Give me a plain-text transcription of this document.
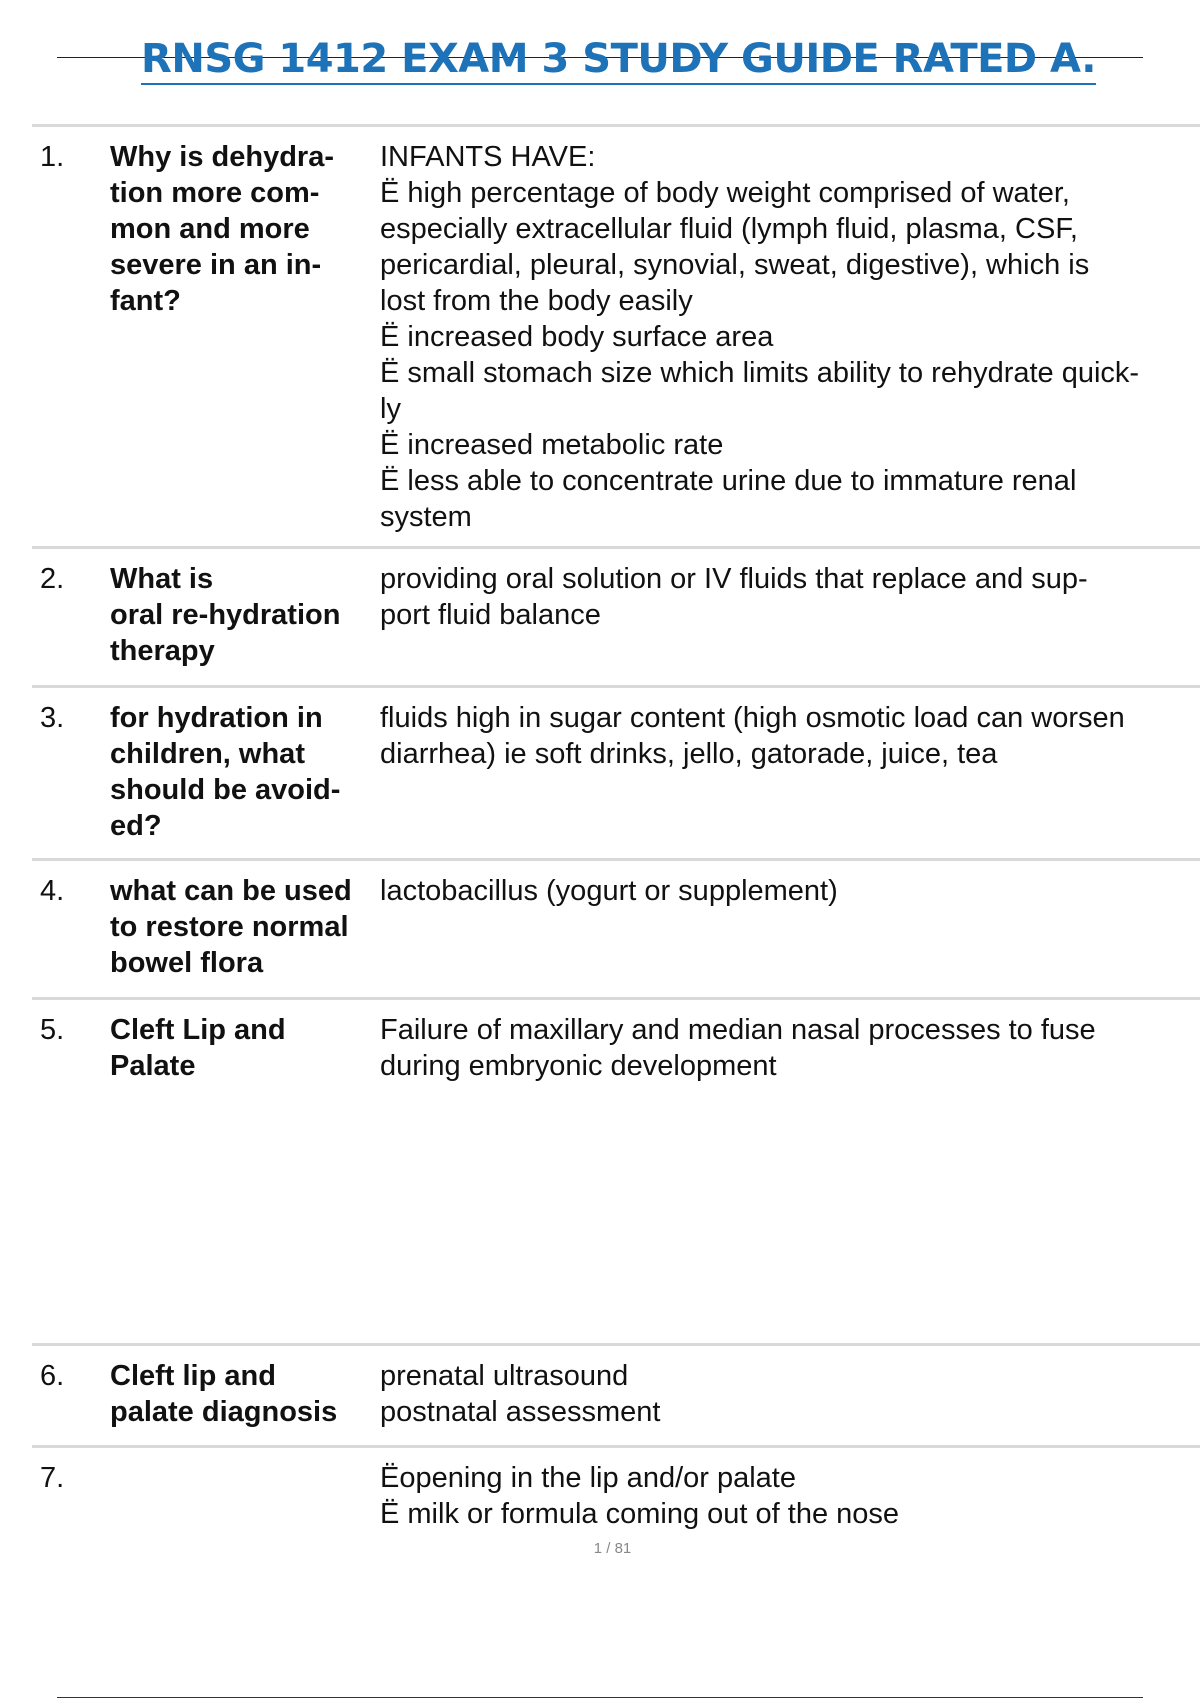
RNSG 1412 EXAM 3 STUDY GUIDE RATED A.
1. Why is dehydra-
tion more com-
mon and more
severe in an in-
fant?
INFANTS HAVE:
Ë high percentage of body weight comprised of water,
especially extracellular fluid (lymph fluid, plasma, CSF,
pericardial, pleural, synovial, sweat, digestive), which is
lost from the body easily
Ë increased body surface area
Ë small stomach size which limits ability to rehydrate quick-
ly
Ë increased metabolic rate
Ë less able to concentrate urine due to immature renal
system
2. What is
oral re-hydration
therapy
providing oral solution or IV fluids that replace and sup-
port fluid balance
3. for hydration in
children, what
should be avoid-
ed?
fluids high in sugar content (high osmotic load can worsen
diarrhea) ie soft drinks, jello, gatorade, juice, tea
4. what can be used
to restore normal
bowel flora
lactobacillus (yogurt or supplement)
5. Cleft Lip and
Palate
Failure of maxillary and median nasal processes to fuse
during embryonic development
6. Cleft lip and
palate diagnosis
prenatal ultrasound
postnatal assessment
7.	Ëopening in the lip and/or palate
Ë milk or formula coming out of the nose
1 / 81
